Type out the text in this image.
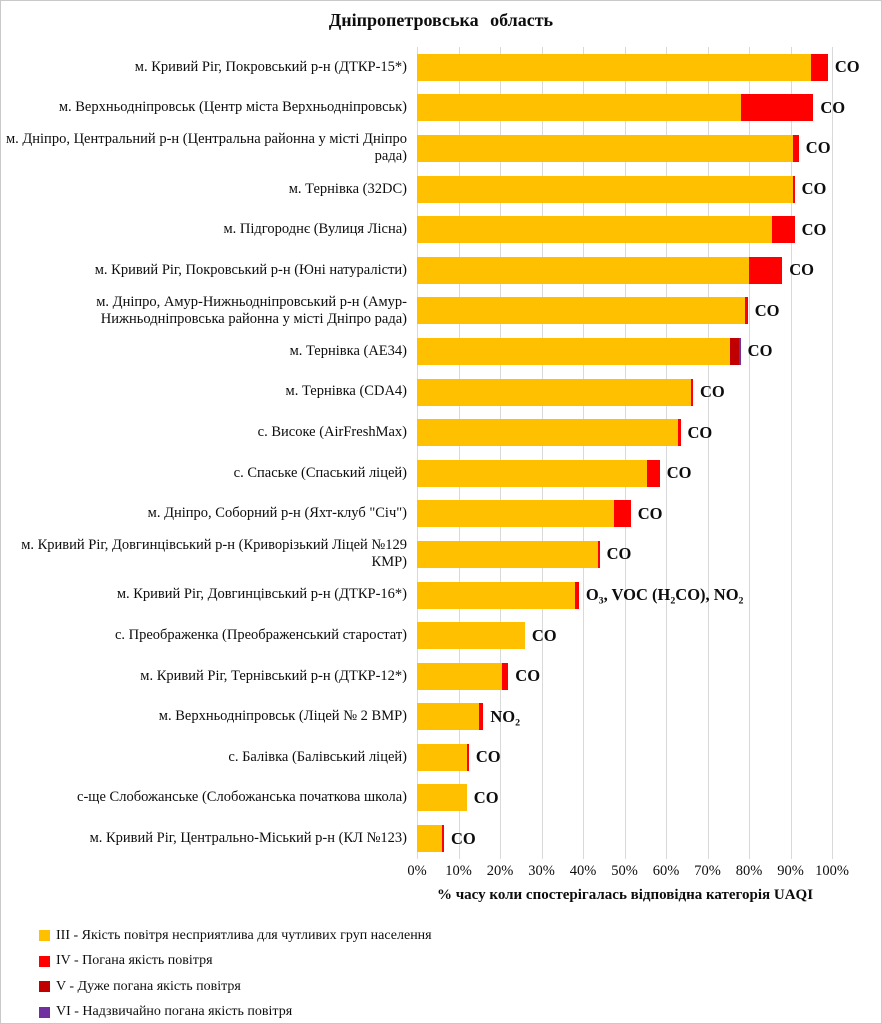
Дніпропетровська область
м. Кривий Ріг, Покровський р-н (ДТКР-15*)	CO
м. Верхньодніпровськ (Центр міста Верхньодніпровськ)	CO
м. Дніпро, Центральний р-н (Центральна районна у місті Дніпро рада)	CO
м. Тернівка (32DC)	CO
м. Підгороднє (Вулиця Лісна)	CO
м. Кривий Ріг, Покровський р-н (Юні натуралісти)	CO
м. Дніпро, Амур-Нижньодніпровський р-н (Амур-Нижньодніпровська районна у місті Дніпро рада)	CO
м. Тернівка (AE34)	CO
м. Тернівка (CDA4)	CO
с. Високе (AirFreshMax)	CO
с. Спаське (Спаський ліцей)	CO
м. Дніпро, Соборний р-н (Яхт-клуб "Січ")	CO
м. Кривий Ріг, Довгинцівський р-н (Криворізький Ліцей №129 КМР)	CO
м. Кривий Ріг, Довгинцівський р-н (ДТКР-16*)	O₃, VOC (H₂CO), NO₂
с. Преображенка (Преображенський старостат)	CO
м. Кривий Ріг, Тернівський р-н (ДТКР-12*)	CO
м. Верхньодніпровськ (Ліцей № 2 ВМР)	NO₂
с. Балівка (Балівський ліцей)	CO
с-ще Слобожанське (Слобожанська початкова школа)	CO
м. Кривий Ріг, Центрально-Міський р-н (КЛ №123)	CO
0% 10% 20% 30% 40% 50% 60% 70% 80% 90% 100%
% часу коли спостерігалась відповідна категорія UAQI
III - Якість повітря несприятлива для чутливих груп населення
IV - Погана якість повітря
V - Дуже погана якість повітря
VI - Надзвичайно погана якість повітря
